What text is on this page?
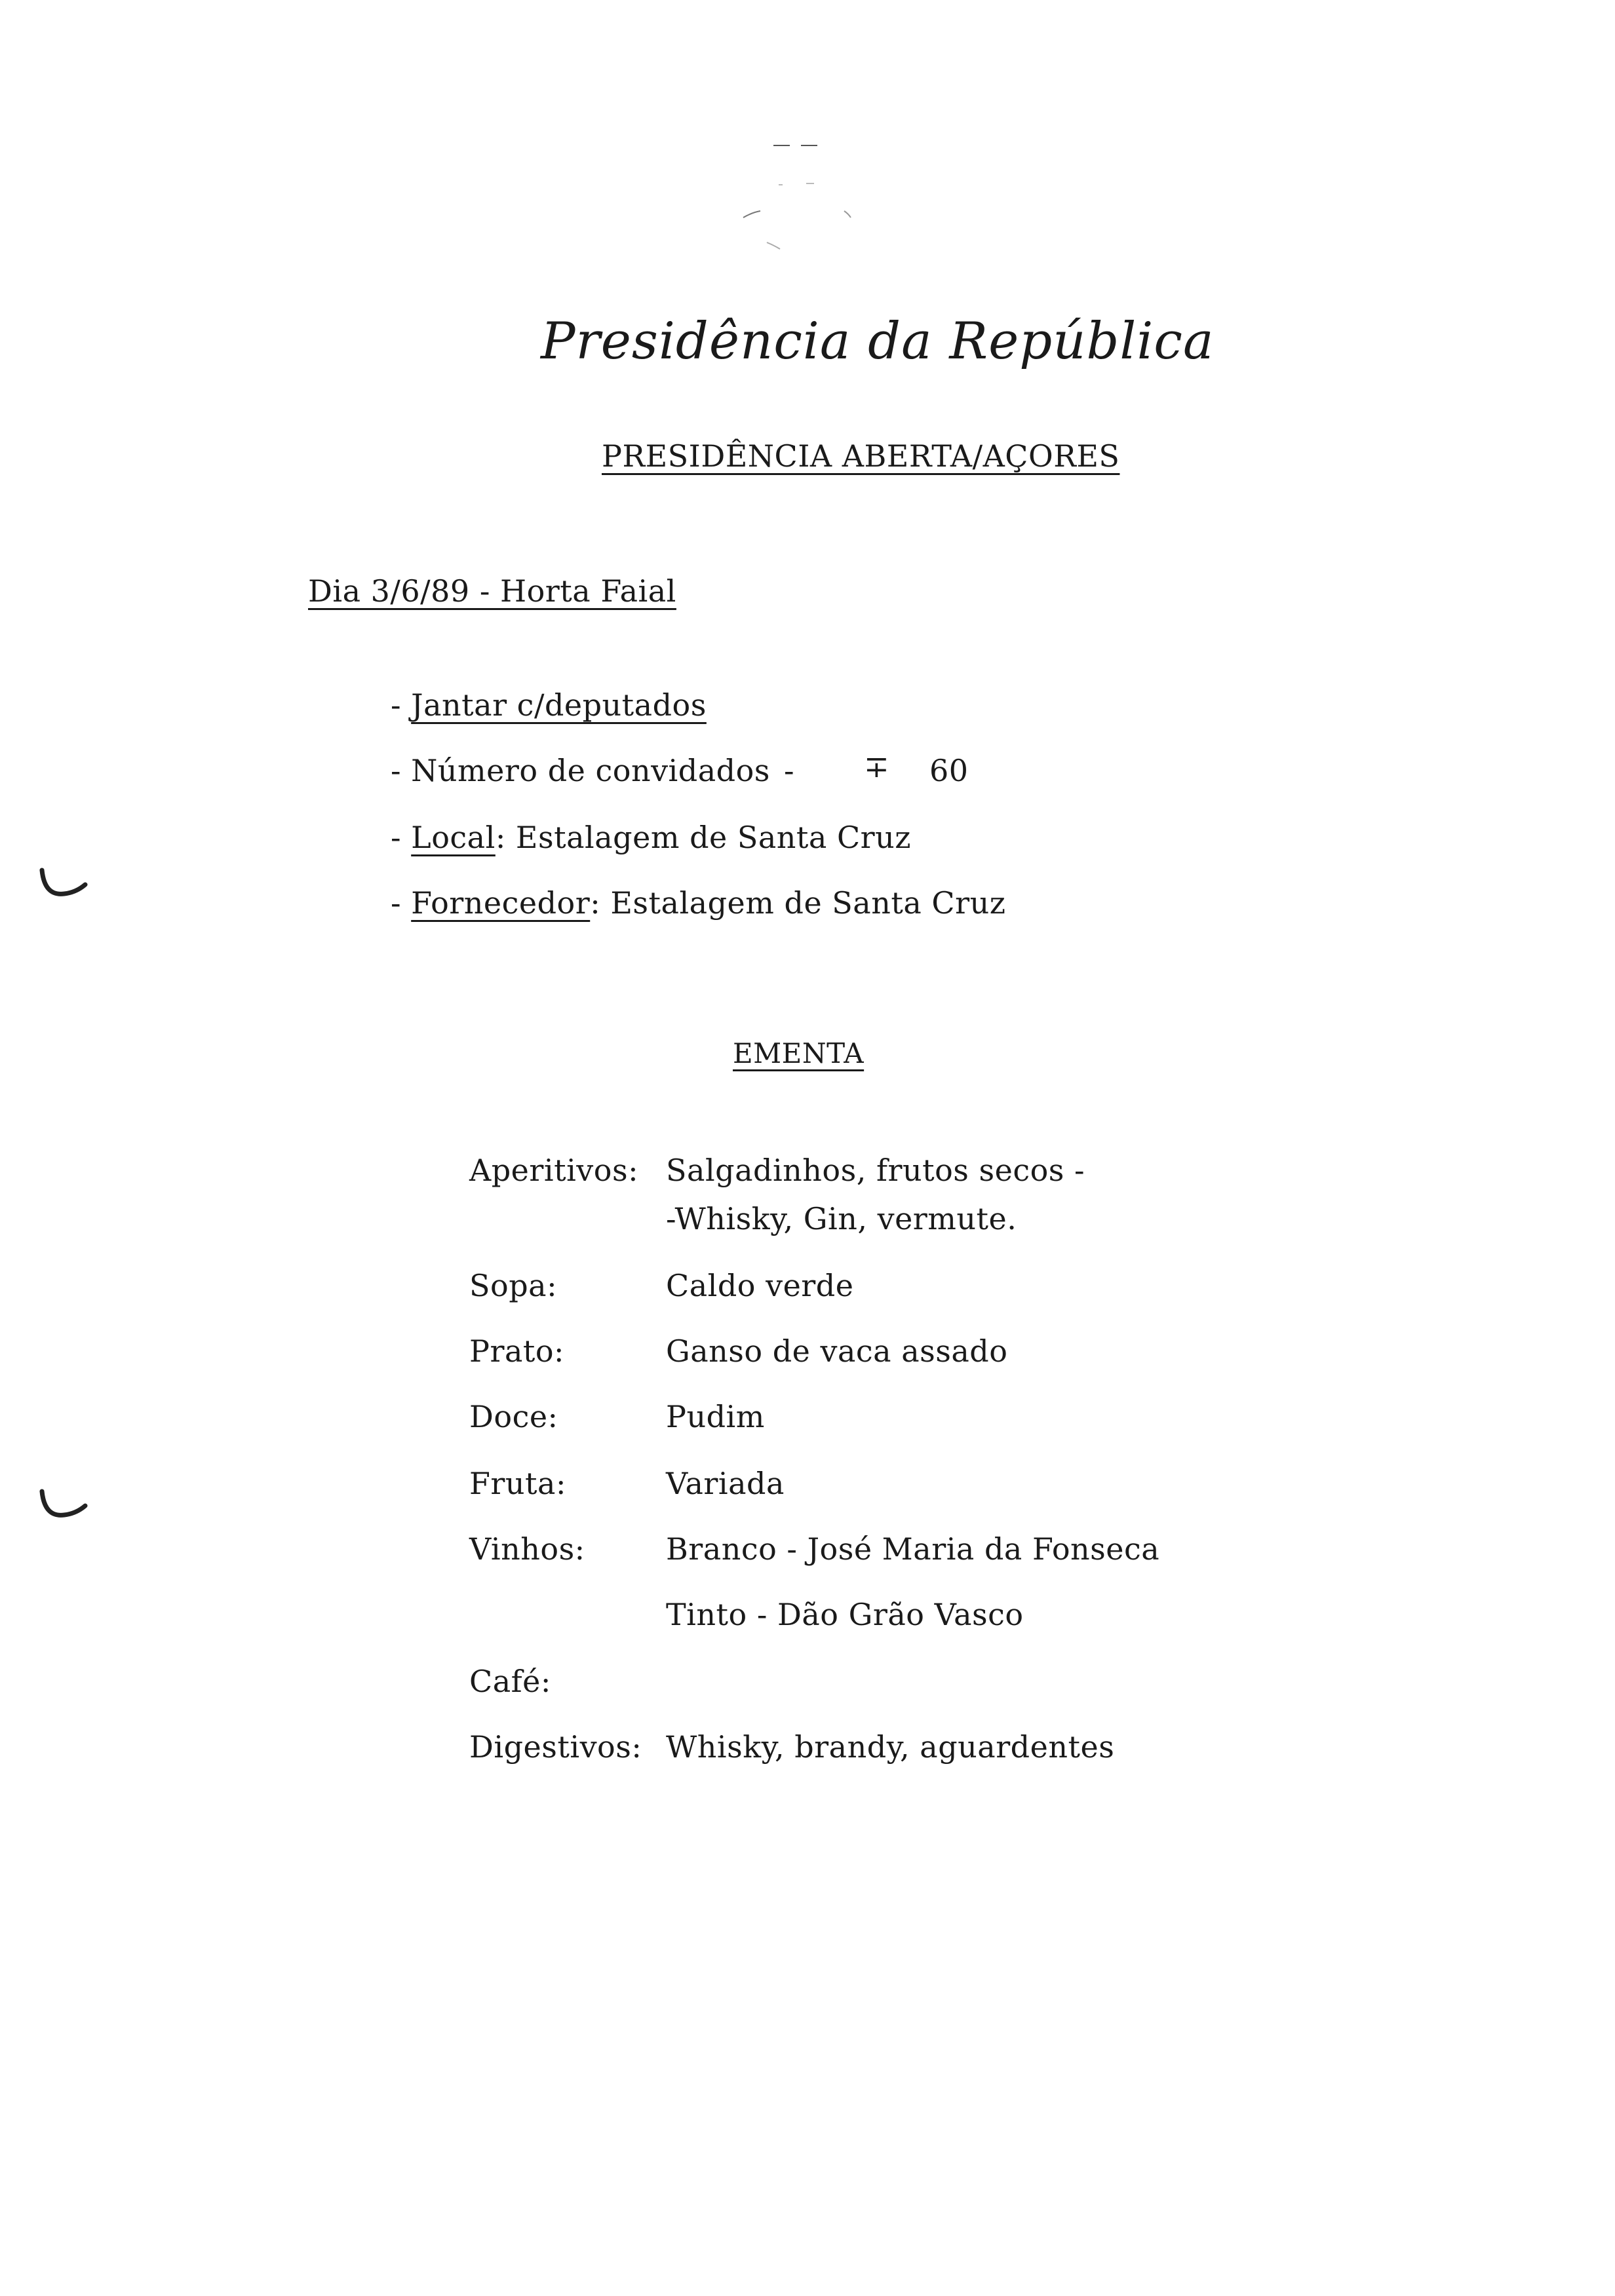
Presidência da República
PRESIDÊNCIA ABERTA/AÇORES
Dia 3/6/89 - Horta Faial
- Jantar c/deputados
- Número de convidados - ∓ 60
- Local: Estalagem de Santa Cruz
- Fornecedor: Estalagem de Santa Cruz
EMENTA
Aperitivos: Salgadinhos, frutos secos -
-Whisky, Gin, vermute.
Sopa:	Caldo verde
Prato:	Ganso de vaca assado
Doce:	Pudim
Fruta:	Variada
Vinhos:	Branco - José Maria da Fonseca
Tinto - Dão Grão Vasco
Café:
Digestivos: Whisky, brandy, aguardentes
